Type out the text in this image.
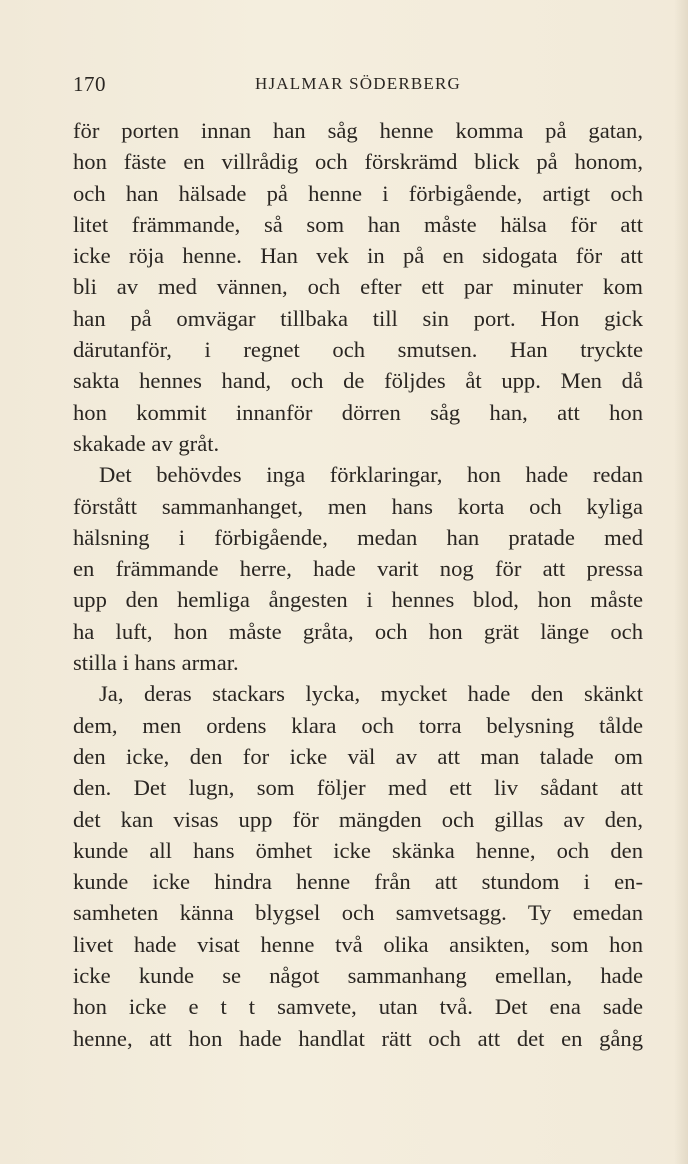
170	HJALMAR SÖDERBERG
för porten innan han såg henne komma på gatan,
hon fäste en villrådig och förskrämd blick på honom,
och han hälsade på henne i förbigående, artigt och
litet främmande, så som han måste hälsa för att
icke röja henne. Han vek in på en sidogata för att
bli av med vännen, och efter ett par minuter kom
han på omvägar tillbaka till sin port. Hon gick
därutanför, i regnet och smutsen. Han tryckte
sakta hennes hand, och de följdes åt upp. Men då
hon kommit innanför dörren såg han, att hon
skakade av gråt.
Det behövdes inga förklaringar, hon hade redan
förstått sammanhanget, men hans korta och kyliga
hälsning i förbigående, medan han pratade med
en främmande herre, hade varit nog för att pressa
upp den hemliga ångesten i hennes blod, hon måste
ha luft, hon måste gråta, och hon grät länge och
stilla i hans armar.
Ja, deras stackars lycka, mycket hade den skänkt
dem, men ordens klara och torra belysning tålde
den icke, den for icke väl av att man talade om
den. Det lugn, som följer med ett liv sådant att
det kan visas upp för mängden och gillas av den,
kunde all hans ömhet icke skänka henne, och den
kunde icke hindra henne från att stundom i en-
samheten känna blygsel och samvetsagg. Ty emedan
livet hade visat henne två olika ansikten, som hon
icke kunde se något sammanhang emellan, hade
hon icke e t t samvete, utan två. Det ena sade
henne, att hon hade handlat rätt och att det en gång
